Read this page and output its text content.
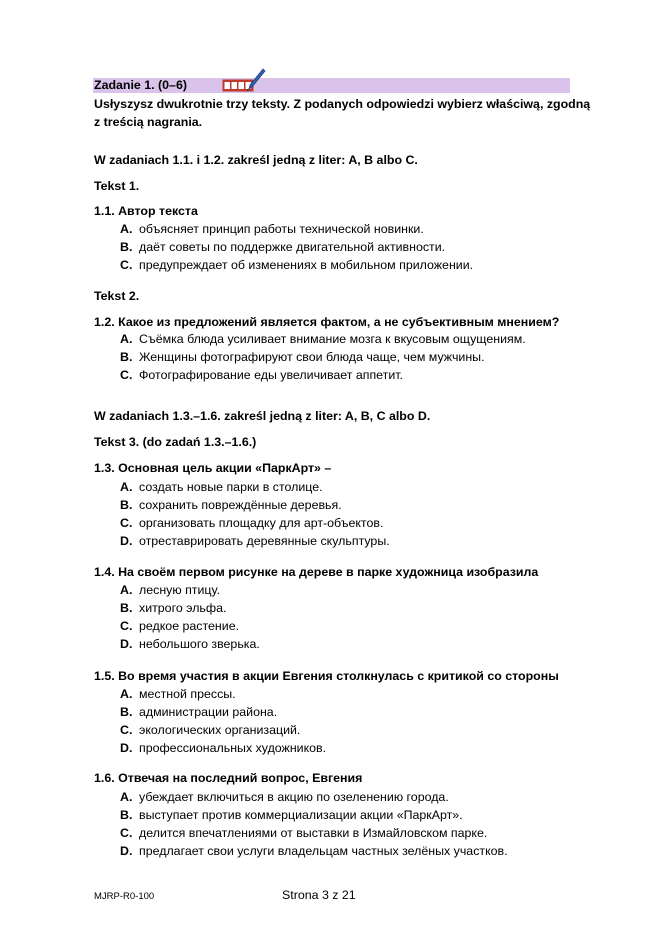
Zadanie 1. (0–6)
Usłyszysz dwukrotnie trzy teksty. Z podanych odpowiedzi wybierz właściwą, zgodną z treścią nagrania.
W zadaniach 1.1. i 1.2. zakreśl jedną z liter: A, B albo C.
Tekst 1.
1.1. Автор текста
A. объясняет принцип работы технической новинки.
B. даёт советы по поддержке двигательной активности.
C. предупреждает об изменениях в мобильном приложении.
Tekst 2.
1.2. Какое из предложений является фактом, а не субъективным мнением?
A. Съёмка блюда усиливает внимание мозга к вкусовым ощущениям.
B. Женщины фотографируют свои блюда чаще, чем мужчины.
C. Фотографирование еды увеличивает аппетит.
W zadaniach 1.3.–1.6. zakreśl jedną z liter: A, B, C albo D.
Tekst 3. (do zadań 1.3.–1.6.)
1.3. Основная цель акции «ПаркАрт» –
A. создать новые парки в столице.
B. сохранить повреждённые деревья.
C. организовать площадку для арт-объектов.
D. отреставрировать деревянные скульптуры.
1.4. На своём первом рисунке на дереве в парке художница изобразила
A. лесную птицу.
B. хитрого эльфа.
C. редкое растение.
D. небольшого зверька.
1.5. Во время участия в акции Евгения столкнулась с критикой со стороны
A. местной прессы.
B. администрации района.
C. экологических организаций.
D. профессиональных художников.
1.6. Отвечая на последний вопрос, Евгения
A. убеждает включиться в акцию по озеленению города.
B. выступает против коммерциализации акции «ПаркАрт».
C. делится впечатлениями от выставки в Измайловском парке.
D. предлагает свои услуги владельцам частных зелёных участков.
MJRP-R0-100	Strona 3 z 21
